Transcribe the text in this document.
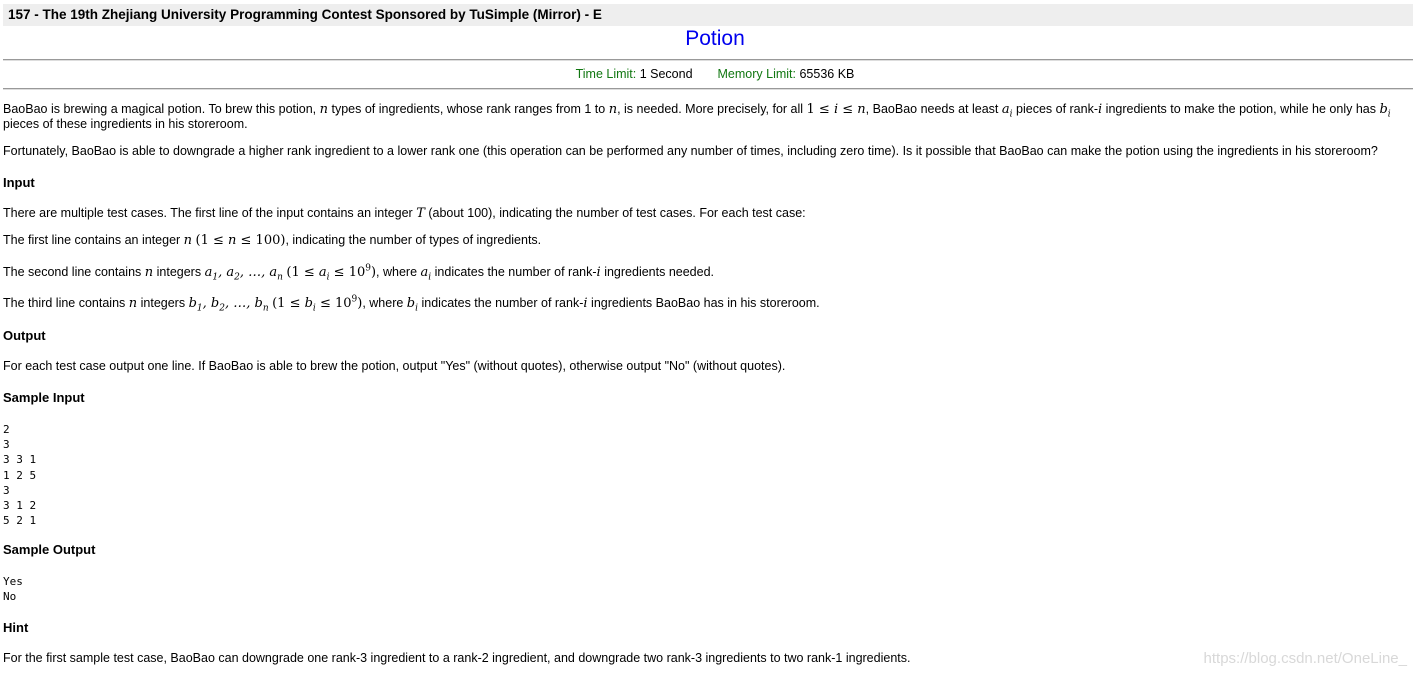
157 - The 19th Zhejiang University Programming Contest Sponsored by TuSimple (Mirror) - E
Potion
Time Limit: 1 Second Memory Limit: 65536 KB
BaoBao is brewing a magical potion. To brew this potion, n types of ingredients, whose rank ranges from 1 to n, is needed. More precisely, for all 1 ≤ i ≤ n, BaoBao needs at least $a_i$ pieces of rank-i ingredients to make the potion, while he only has $b_i$ pieces of these ingredients in his storeroom.
Fortunately, BaoBao is able to downgrade a higher rank ingredient to a lower rank one (this operation can be performed any number of times, including zero time). Is it possible that BaoBao can make the potion using the ingredients in his storeroom?
Input
There are multiple test cases. The first line of the input contains an integer T (about 100), indicating the number of test cases. For each test case:
The first line contains an integer n (1 ≤ n ≤ 100), indicating the number of types of ingredients.
The second line contains n integers $a_1$, $a_2$, …, $a_n$ $(1 \le a_i \le 10^9)$, where $a_i$ indicates the number of rank-i ingredients needed.
The third line contains n integers $b_1$, $b_2$, …, $b_n$ $(1 \le b_i \le 10^9)$, where $b_i$ indicates the number of rank-i ingredients BaoBao has in his storeroom.
Output
For each test case output one line. If BaoBao is able to brew the potion, output "Yes" (without quotes), otherwise output "No" (without quotes).
Sample Input
2
3
3 3 1
1 2 5
3
3 1 2
5 2 1
Sample Output
Yes
No
Hint
For the first sample test case, BaoBao can downgrade one rank-3 ingredient to a rank-2 ingredient, and downgrade two rank-3 ingredients to two rank-1 ingredients.	https://blog.csdn.net/OneLine_
